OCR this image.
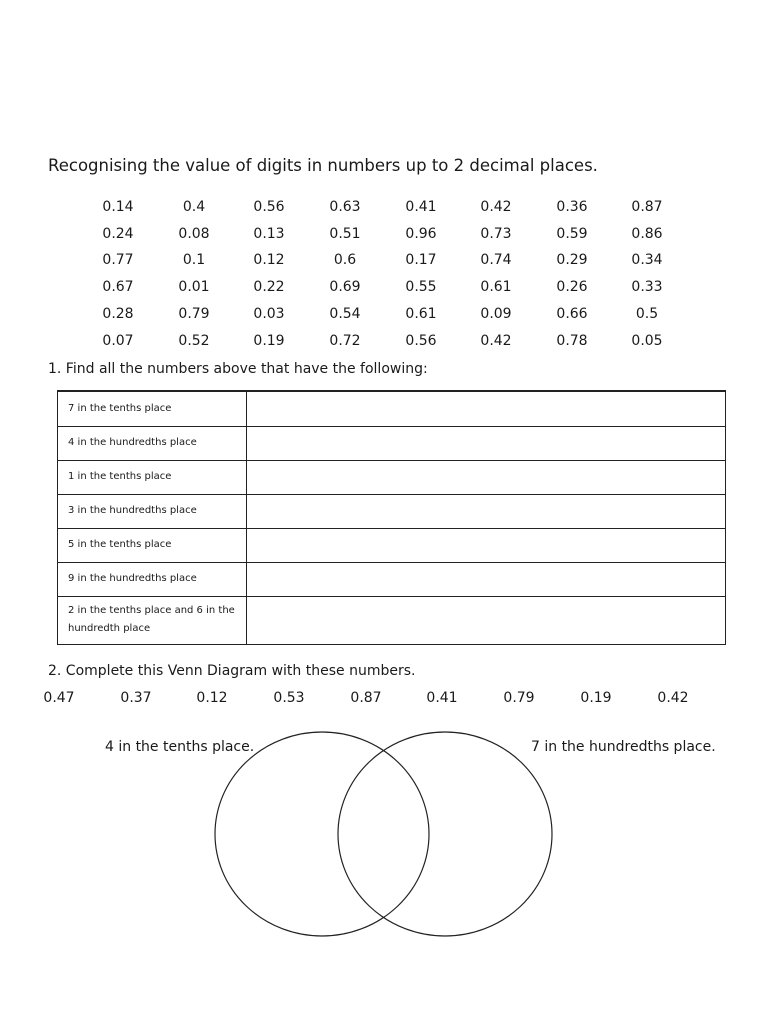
Recognising the value of digits in numbers up to 2 decimal places.
0.14	0.4	0.56	0.63	0.41	0.42	0.36	0.87
0.24	0.08	0.13	0.51	0.96	0.73	0.59	0.86
0.77	0.1	0.12	0.6	0.17	0.74	0.29	0.34
0.67	0.01	0.22	0.69	0.55	0.61	0.26	0.33
0.28	0.79	0.03	0.54	0.61	0.09	0.66	0.5
0.07	0.52	0.19	0.72	0.56	0.42	0.78	0.05
1. Find all the numbers above that have the following:
7 in the tenths place	
4 in the hundredths place	
1 in the tenths place	
3 in the hundredths place	
5 in the tenths place	
9 in the hundredths place	
2 in the tenths place and 6 in the hundredth place	
2. Complete this Venn Diagram with these numbers.
0.47	0.37	0.12	0.53	0.87	0.41	0.79	0.19	0.42
4 in the tenths place.	7 in the hundredths place.
